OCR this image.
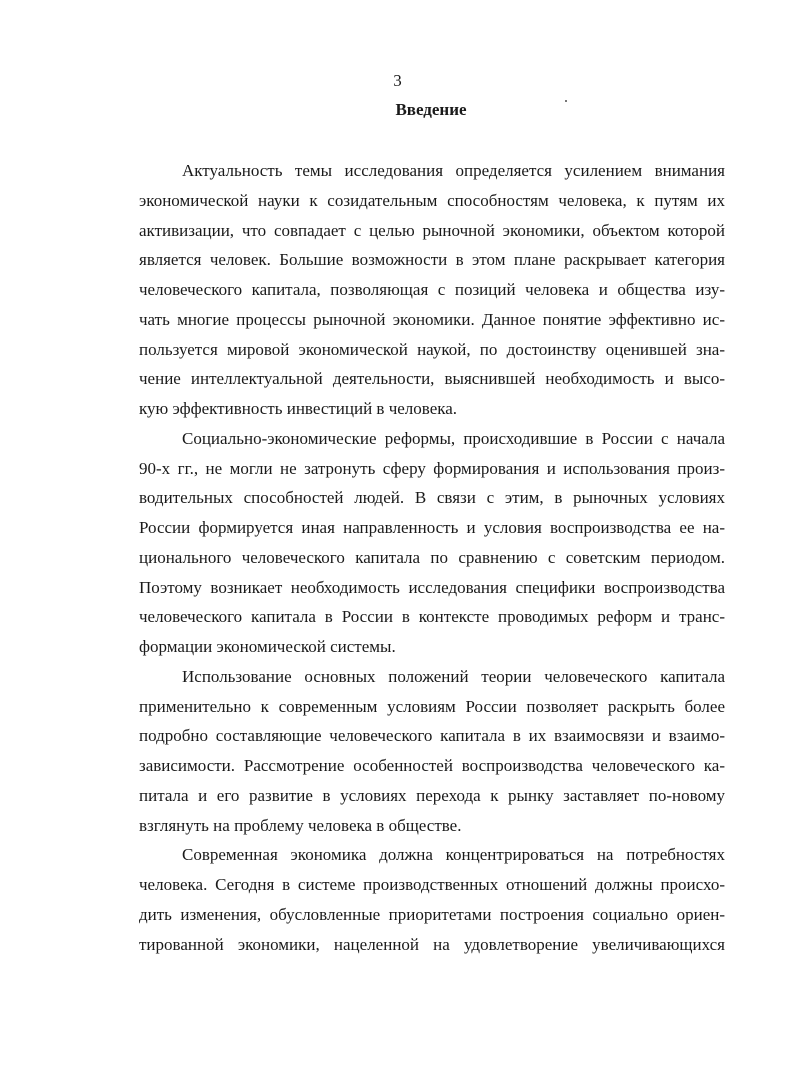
3
Введение
Актуальность темы исследования определяется усилением внимания
экономической науки к созидательным способностям человека, к путям их
активизации, что совпадает с целью рыночной экономики, объектом которой
является человек. Большие возможности в этом плане раскрывает категория
человеческого капитала, позволяющая с позиций человека и общества изу-
чать многие процессы рыночной экономики. Данное понятие эффективно ис-
пользуется мировой экономической наукой, по достоинству оценившей зна-
чение интеллектуальной деятельности, выяснившей необходимость и высо-
кую эффективность инвестиций в человека.
Социально-экономические реформы, происходившие в России с начала
90-х гг., не могли не затронуть сферу формирования и использования произ-
водительных способностей людей. В связи с этим, в рыночных условиях
России формируется иная направленность и условия воспроизводства ее на-
ционального человеческого капитала по сравнению с советским периодом.
Поэтому возникает необходимость исследования специфики воспроизводства
человеческого капитала в России в контексте проводимых реформ и транс-
формации экономической системы.
Использование основных положений теории человеческого капитала
применительно к современным условиям России позволяет раскрыть более
подробно составляющие человеческого капитала в их взаимосвязи и взаимо-
зависимости. Рассмотрение особенностей воспроизводства человеческого ка-
питала и его развитие в условиях перехода к рынку заставляет по-новому
взглянуть на проблему человека в обществе.
Современная экономика должна концентрироваться на потребностях
человека. Сегодня в системе производственных отношений должны происхо-
дить изменения, обусловленные приоритетами построения социально ориен-
тированной экономики, нацеленной на удовлетворение увеличивающихся
